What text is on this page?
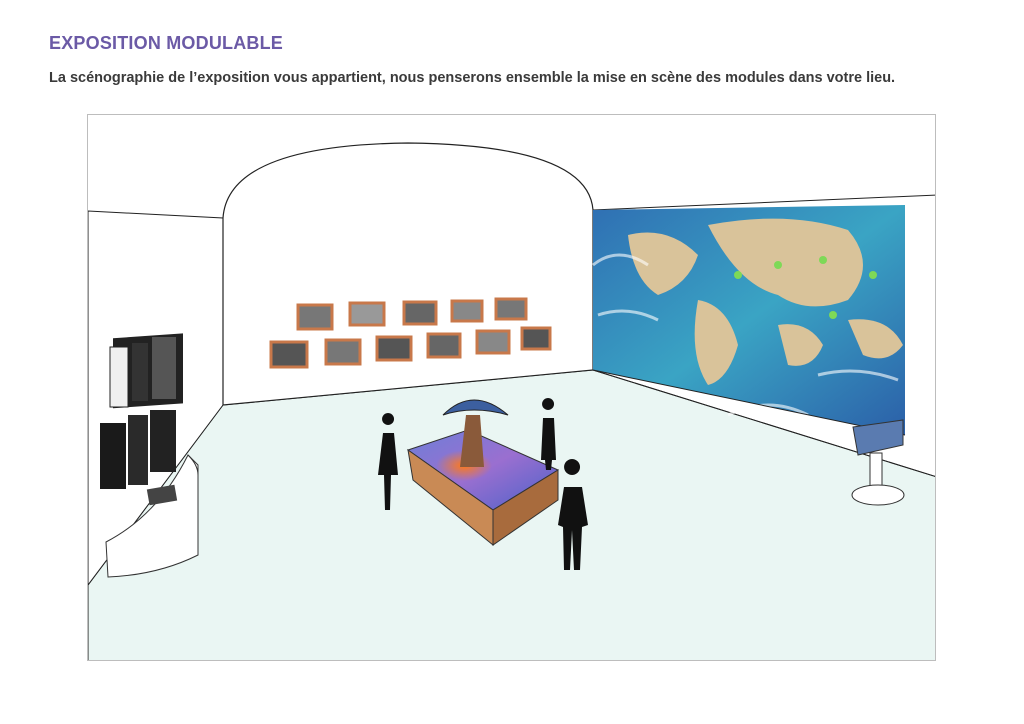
EXPOSITION MODULABLE
La scénographie de l’exposition vous appartient, nous penserons ensemble la mise en scène des modules dans votre lieu.
